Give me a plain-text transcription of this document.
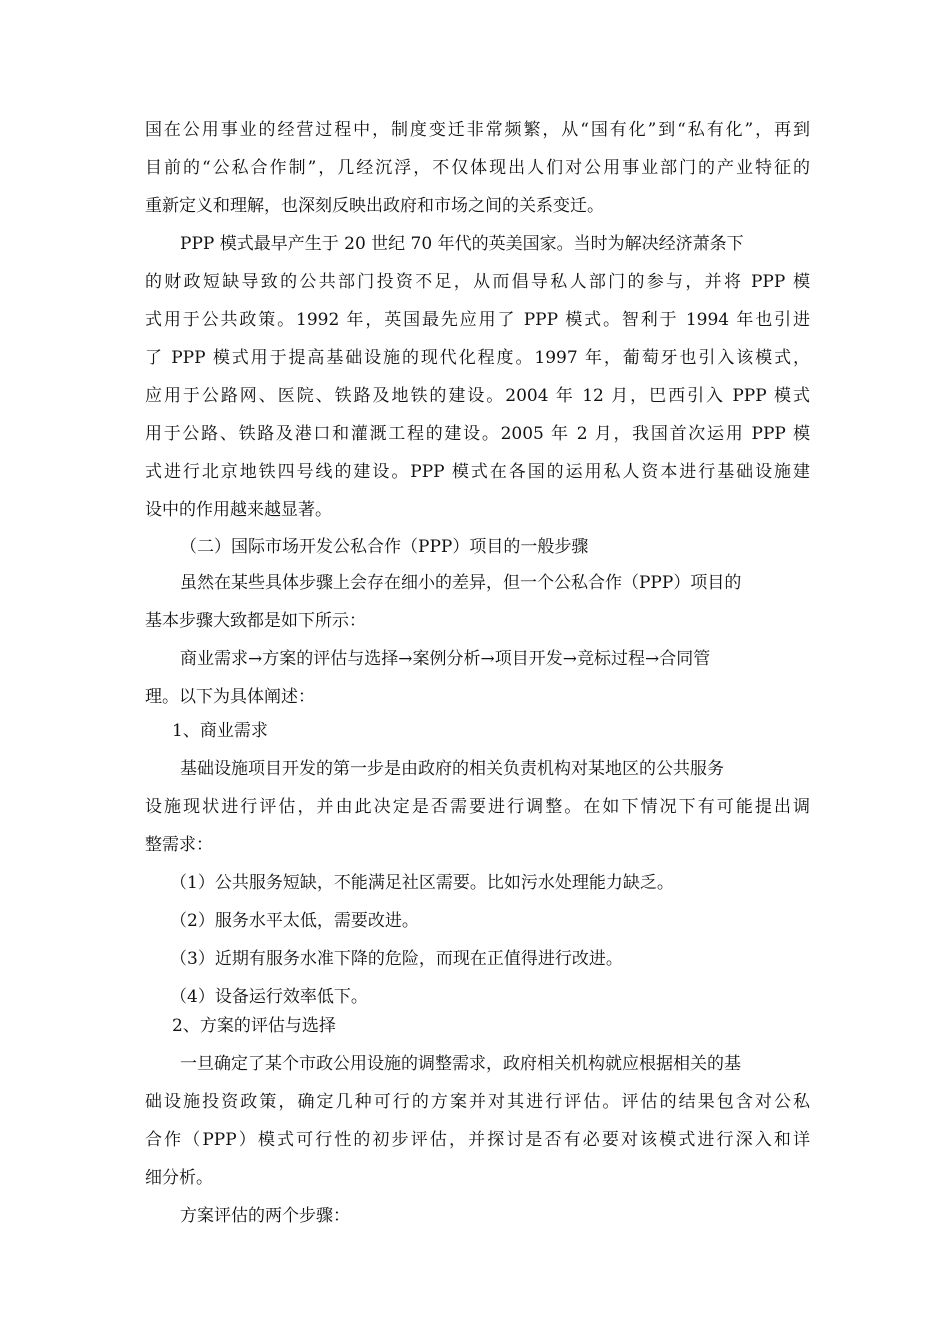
国在公用事业的经营过程中，制度变迁非常频繁，从“国有化”到“私有化”，再到
目前的“公私合作制”，几经沉浮，不仅体现出人们对公用事业部门的产业特征的
重新定义和理解，也深刻反映出政府和市场之间的关系变迁。
PPP 模式最早产生于 20 世纪 70 年代的英美国家。当时为解决经济萧条下
的财政短缺导致的公共部门投资不足，从而倡导私人部门的参与，并将 PPP 模
式用于公共政策。1992 年，英国最先应用了 PPP 模式。智利于 1994 年也引进
了 PPP 模式用于提高基础设施的现代化程度。1997 年，葡萄牙也引入该模式，
应用于公路网、医院、铁路及地铁的建设。2004 年 12 月，巴西引入 PPP 模式
用于公路、铁路及港口和灌溉工程的建设。2005 年 2 月，我国首次运用 PPP 模
式进行北京地铁四号线的建设。PPP 模式在各国的运用私人资本进行基础设施建
设中的作用越来越显著。
（二）国际市场开发公私合作（PPP）项目的一般步骤
虽然在某些具体步骤上会存在细小的差异，但一个公私合作（PPP）项目的
基本步骤大致都是如下所示：
商业需求→方案的评估与选择→案例分析→项目开发→竞标过程→合同管
理。以下为具体阐述：
1、商业需求
基础设施项目开发的第一步是由政府的相关负责机构对某地区的公共服务
设施现状进行评估，并由此决定是否需要进行调整。在如下情况下有可能提出调
整需求：
（1）公共服务短缺，不能满足社区需要。比如污水处理能力缺乏。
（2）服务水平太低，需要改进。
（3）近期有服务水准下降的危险，而现在正值得进行改进。
（4）设备运行效率低下。
2、方案的评估与选择
一旦确定了某个市政公用设施的调整需求，政府相关机构就应根据相关的基
础设施投资政策，确定几种可行的方案并对其进行评估。评估的结果包含对公私
合作（PPP）模式可行性的初步评估，并探讨是否有必要对该模式进行深入和详
细分析。
方案评估的两个步骤：
